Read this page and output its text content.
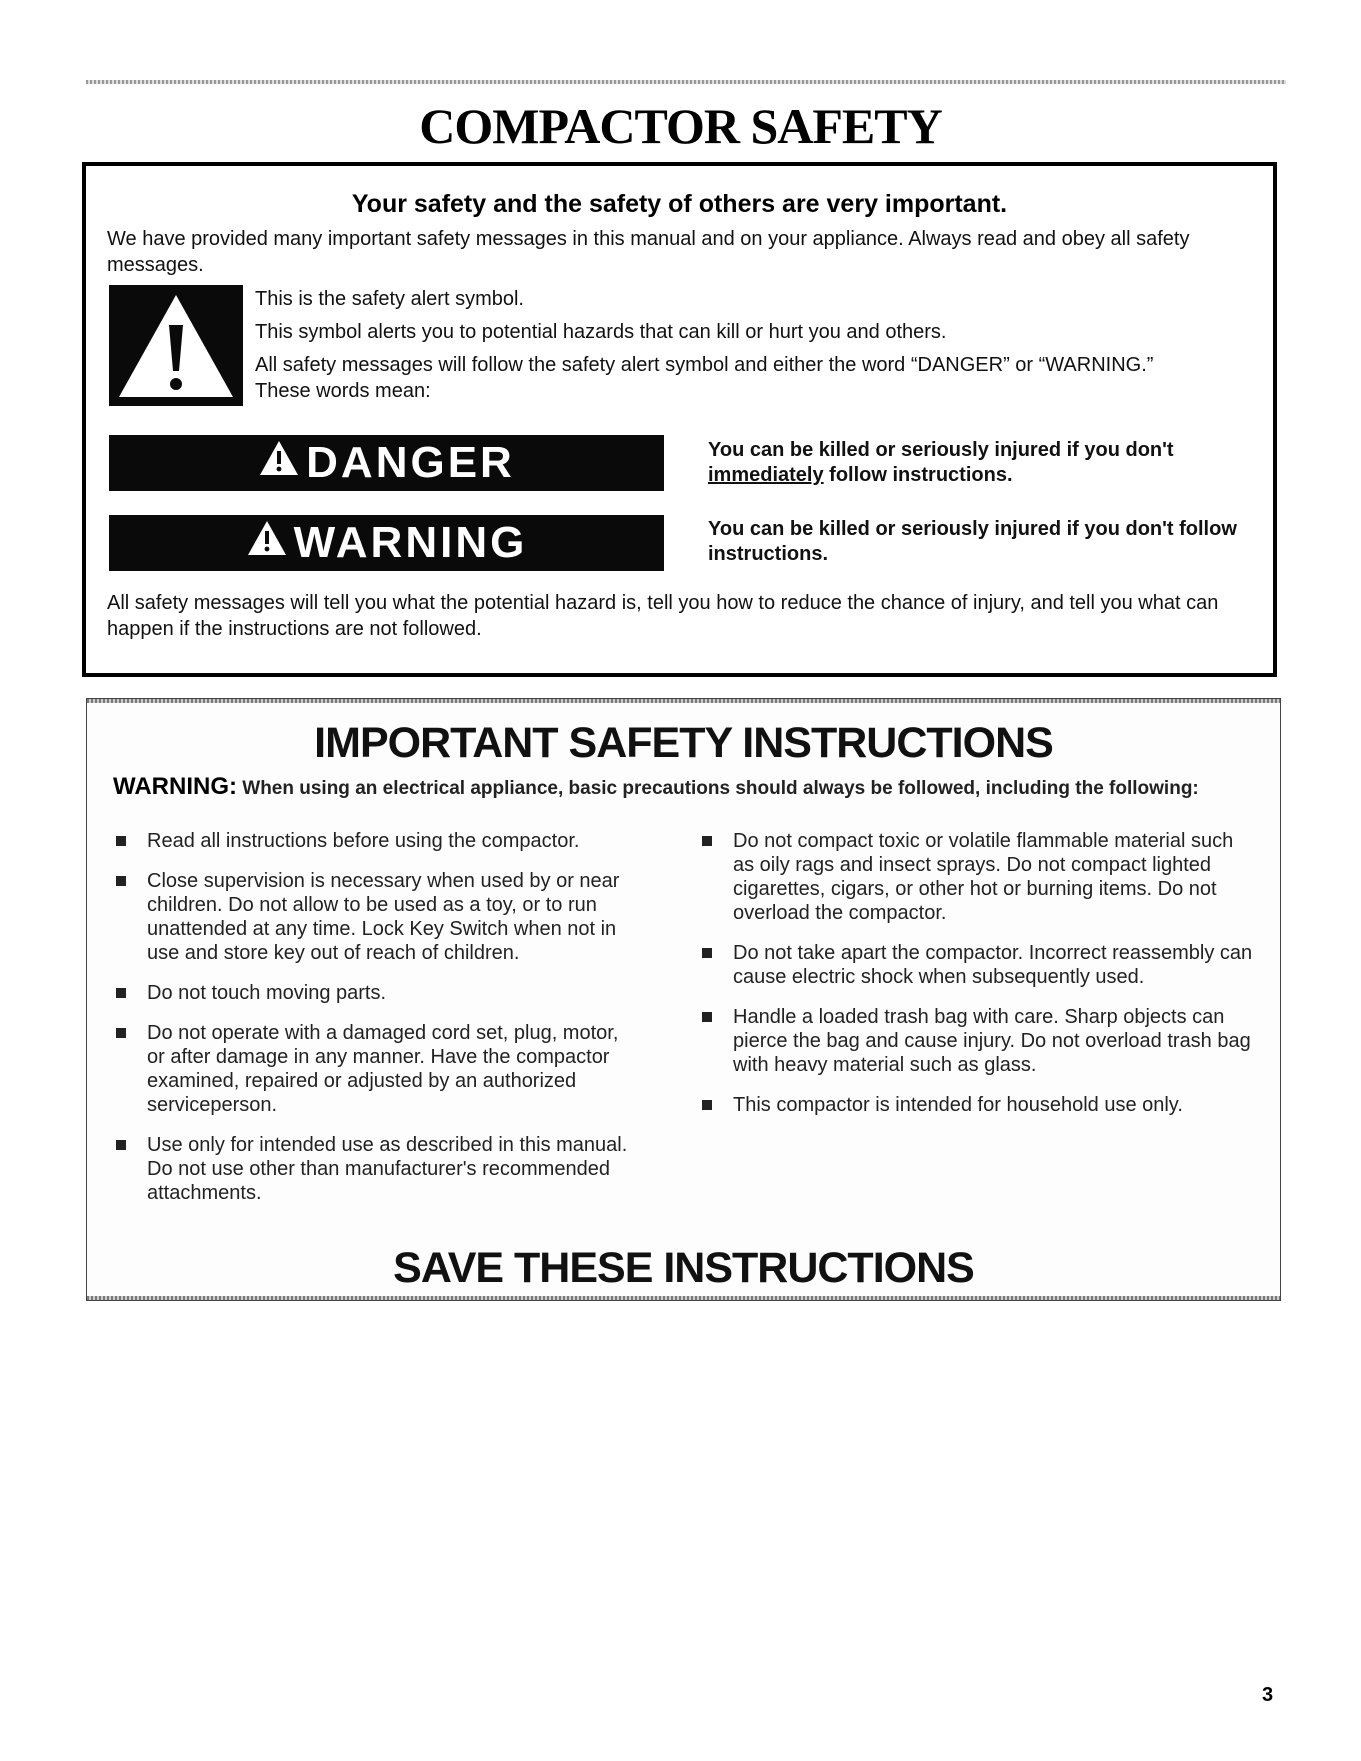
COMPACTOR SAFETY
Your safety and the safety of others are very important.

We have provided many important safety messages in this manual and on your appliance. Always read and obey all safety messages.

This is the safety alert symbol.

This symbol alerts you to potential hazards that can kill or hurt you and others.

All safety messages will follow the safety alert symbol and either the word “DANGER” or “WARNING.” These words mean:

DANGER	You can be killed or seriously injured if you don't immediately follow instructions.
WARNING	You can be killed or seriously injured if you don't follow instructions.

All safety messages will tell you what the potential hazard is, tell you how to reduce the chance of injury, and tell you what can happen if the instructions are not followed.

IMPORTANT SAFETY INSTRUCTIONS

WARNING: When using an electrical appliance, basic precautions should always be followed, including the following:

Read all instructions before using the compactor.
Close supervision is necessary when used by or near children. Do not allow to be used as a toy, or to run unattended at any time. Lock Key Switch when not in use and store key out of reach of children.
Do not touch moving parts.
Do not operate with a damaged cord set, plug, motor, or after damage in any manner. Have the compactor examined, repaired or adjusted by an authorized serviceperson.
Use only for intended use as described in this manual. Do not use other than manufacturer's recommended attachments.
Do not compact toxic or volatile flammable material such as oily rags and insect sprays. Do not compact lighted cigarettes, cigars, or other hot or burning items. Do not overload the compactor.
Do not take apart the compactor. Incorrect reassembly can cause electric shock when subsequently used.
Handle a loaded trash bag with care. Sharp objects can pierce the bag and cause injury. Do not overload trash bag with heavy material such as glass.
This compactor is intended for household use only.
SAVE THESE INSTRUCTIONS
3
